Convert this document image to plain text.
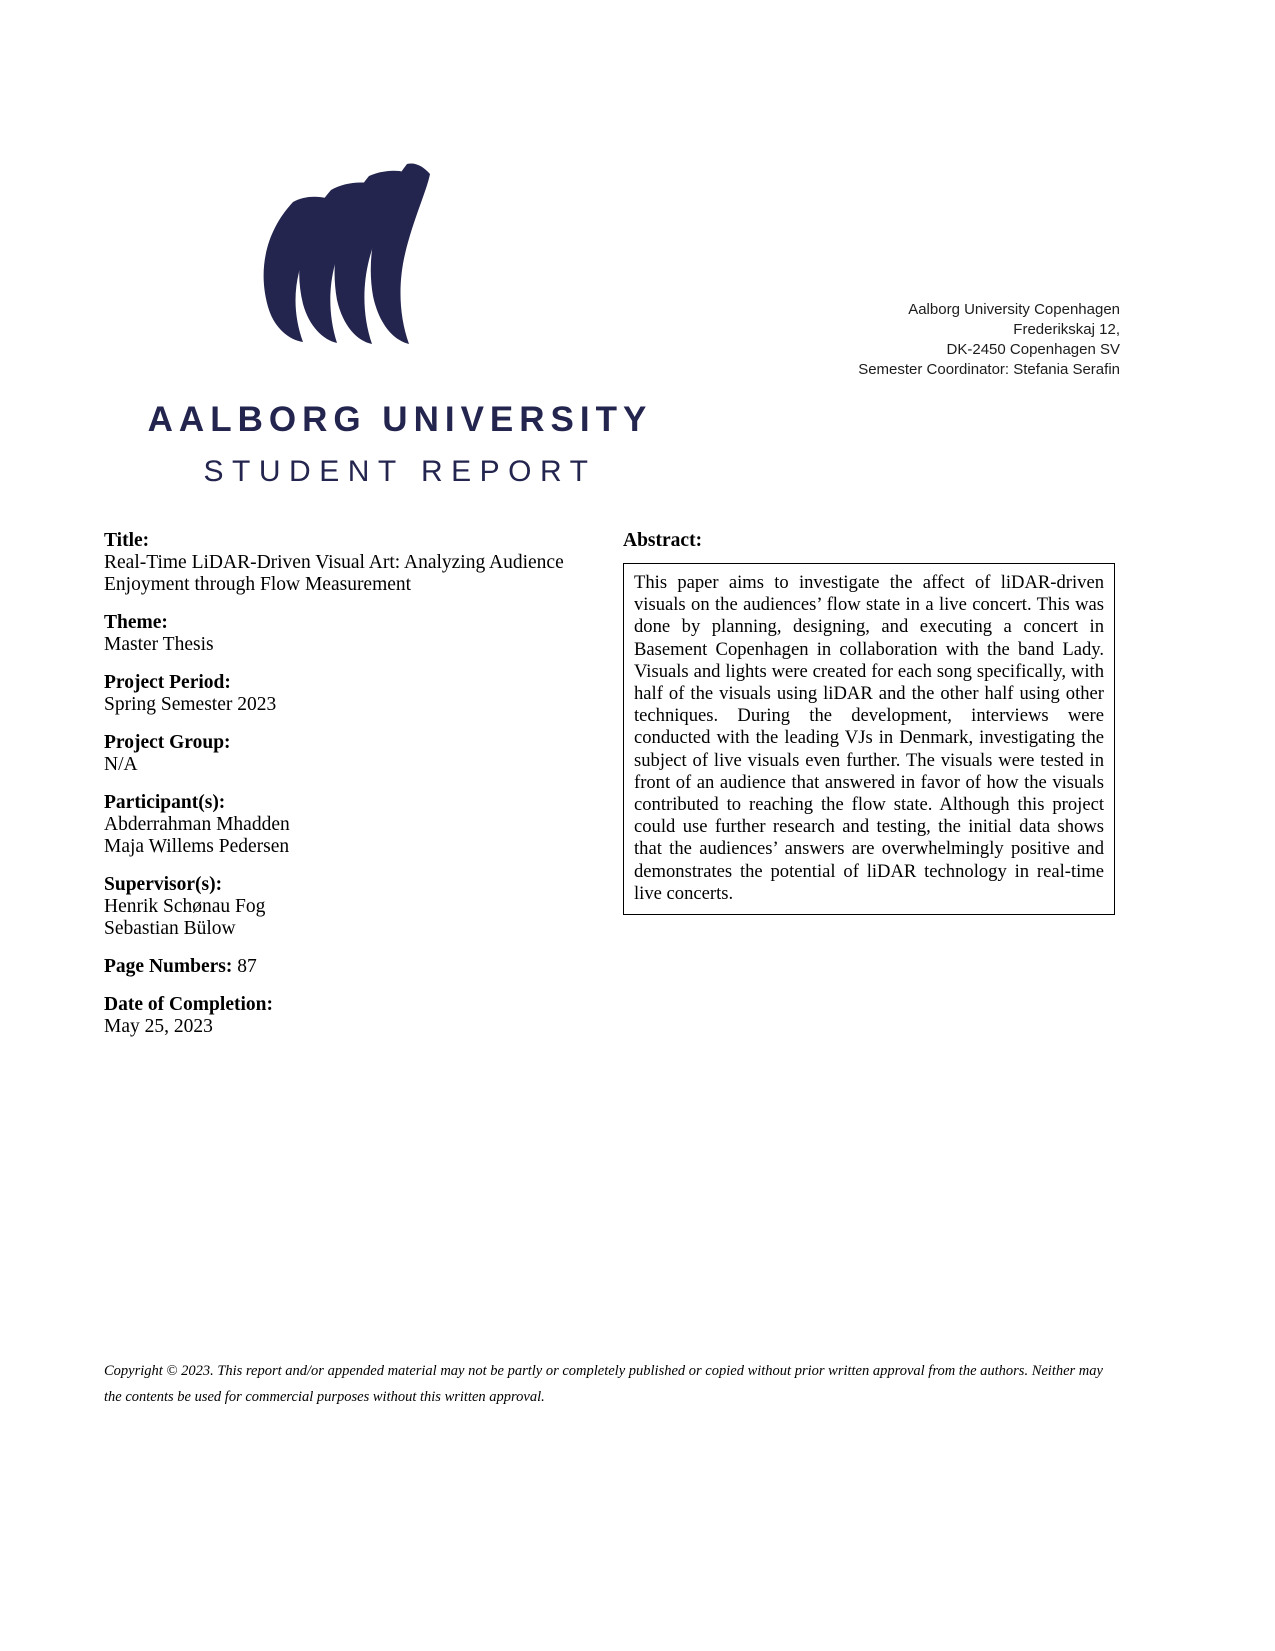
AALBORG UNIVERSITY
STUDENT REPORT
Aalborg University Copenhagen
Frederikskaj 12,
DK-2450 Copenhagen SV
Semester Coordinator: Stefania Serafin
Title:
Real-Time LiDAR-Driven Visual Art: Analyzing Audience Enjoyment through Flow Measurement
Theme:
Master Thesis
Project Period:
Spring Semester 2023
Project Group:
N/A
Participant(s):
Abderrahman Mhadden
Maja Willems Pedersen
Supervisor(s):
Henrik Schønau Fog
Sebastian Bülow
Page Numbers: 87
Date of Completion:
May 25, 2023
Abstract:
This paper aims to investigate the affect of liDAR-driven visuals on the audiences’ flow state in a live concert. This was done by planning, designing, and executing a concert in Basement Copenhagen in collaboration with the band Lady. Visuals and lights were created for each song specifically, with half of the visuals using liDAR and the other half using other techniques. During the development, interviews were conducted with the leading VJs in Denmark, investigating the subject of live visuals even further. The visuals were tested in front of an audience that answered in favor of how the visuals contributed to reaching the flow state. Although this project could use further research and testing, the initial data shows that the audiences’ answers are overwhelmingly positive and demonstrates the potential of liDAR technology in real-time live concerts.
Copyright © 2023. This report and/or appended material may not be partly or completely published or copied without prior written approval from the authors. Neither may the contents be used for commercial purposes without this written approval.
